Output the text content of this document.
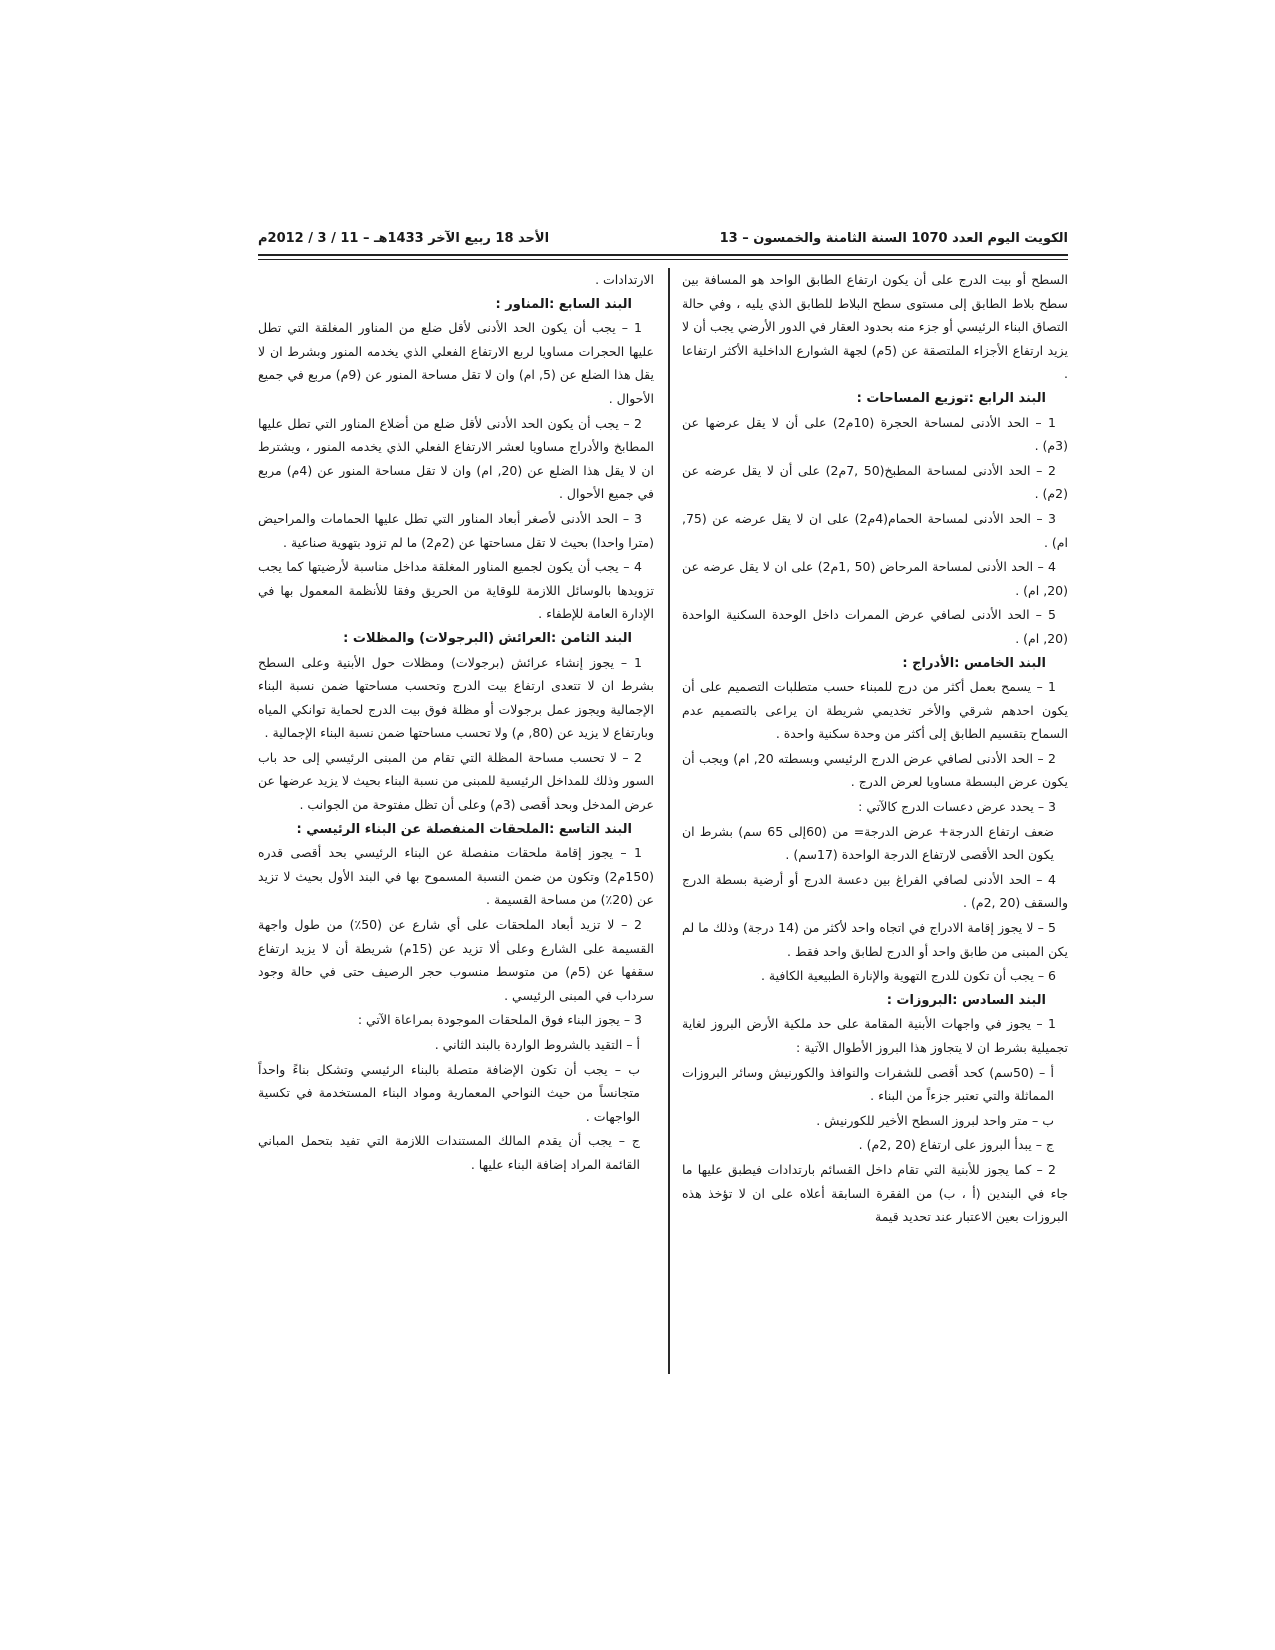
الكويت اليوم العدد 1070 السنة الثامنة والخمسون – 13
الأحد 18 ربيع الآخر 1433هـ – 11 / 3 / 2012م

السطح أو بيت الدرج على أن يكون ارتفاع الطابق الواحد هو المسافة بين سطح بلاط الطابق إلى مستوى سطح البلاط للطابق الذي يليه ، وفي حالة التصاق البناء الرئيسي أو جزء منه بحدود العقار في الدور الأرضي يجب أن لا يزيد ارتفاع الأجزاء الملتصقة عن (5م) لجهة الشوارع الداخلية الأكثر ارتفاعا .

البند الرابع :توزيع المساحات :

1 – الحد الأدنى لمساحة الحجرة (10م2) على أن لا يقل عرضها عن (3م) .

2 – الحد الأدنى لمساحة المطبخ(50 ,7م2) على أن لا يقل عرضه عن (2م) .

3 – الحد الأدنى لمساحة الحمام(4م2) على ان لا يقل عرضه عن (75, ام) .

4 – الحد الأدنى لمساحة المرحاض (50 ,1م2) على ان لا يقل عرضه عن (20, ام) .

5 – الحد الأدنى لصافي عرض الممرات داخل الوحدة السكنية الواحدة (20, ام) .

البند الخامس :الأدراج :

1 – يسمح بعمل أكثر من درج للمبناء حسب متطلبات التصميم على أن يكون احدهم شرقي والأخر تخديمي شريطة ان يراعى بالتصميم عدم السماح بتقسيم الطابق إلى أكثر من وحدة سكنية واحدة .

2 – الحد الأدنى لصافي عرض الدرج الرئيسي وبسطته 20, ام) ويجب أن يكون عرض البسطة مساويا لعرض الدرج .

3 – يحدد عرض دعسات الدرج كالآتي :

ضعف ارتفاع الدرجة+ عرض الدرجة= من (60إلى 65 سم) بشرط ان يكون الحد الأقصى لارتفاع الدرجة الواحدة (17سم) .

4 – الحد الأدنى لصافي الفراغ بين دعسة الدرج أو أرضية بسطة الدرج والسقف (20 ,2م) .

5 – لا يجوز إقامة الادراج في اتجاه واحد لأكثر من (14 درجة) وذلك ما لم يكن المبنى من طابق واحد أو الدرج لطابق واحد فقط .

6 – يجب أن تكون للدرج التهوية والإنارة الطبيعية الكافية .

البند السادس :البروزات :

1 – يجوز في واجهات الأبنية المقامة على حد ملكية الأرض البروز لغاية تجميلية بشرط ان لا يتجاوز هذا البروز الأطوال الآتية :

أ – (50سم) كحد أقصى للشفرات والنوافذ والكورنيش وسائر البروزات المماثلة والتي تعتبر جزءاً من البناء .

ب – متر واحد لبروز السطح الأخير للكورنيش .

ج – يبدأ البروز على ارتفاع (20 ,2م) .

2 – كما يجوز للأبنية التي تقام داخل القسائم بارتدادات فيطبق عليها ما جاء في البندين (أ ، ب) من الفقرة السابقة أعلاه على ان لا تؤخذ هذه البروزات بعين الاعتبار عند تحديد قيمة

الارتدادات .

البند السابع :المناور :

1 – يجب أن يكون الحد الأدنى لأقل ضلع من المناور المغلقة التي تطل عليها الحجرات مساويا لربع الارتفاع الفعلي الذي يخدمه المنور وبشرط ان لا يقل هذا الضلع عن (5, ام) وان لا تقل مساحة المنور عن (9م) مربع في جميع الأحوال .

2 – يجب أن يكون الحد الأدنى لأقل ضلع من أضلاع المناور التي تطل عليها المطابخ والأدراج مساويا لعشر الارتفاع الفعلي الذي يخدمه المنور ، ويشترط ان لا يقل هذا الضلع عن (20, ام) وان لا تقل مساحة المنور عن (4م) مربع في جميع الأحوال .

3 – الحد الأدنى لأصغر أبعاد المناور التي تطل عليها الحمامات والمراحيض (مترا واحدا) بحيث لا تقل مساحتها عن (2م2) ما لم تزود بتهوية صناعية .

4 – يجب أن يكون لجميع المناور المغلقة مداخل مناسبة لأرضيتها كما يجب تزويدها بالوسائل اللازمة للوقاية من الحريق وفقا للأنظمة المعمول بها في الإدارة العامة للإطفاء .

البند الثامن :العرائش (البرجولات) والمظلات :

1 – يجوز إنشاء عرائش (برجولات) ومظلات حول الأبنية وعلى السطح بشرط ان لا تتعدى ارتفاع بيت الدرج وتحسب مساحتها ضمن نسبة البناء الإجمالية ويجوز عمل برجولات أو مظلة فوق بيت الدرج لحماية توانكي المياه وبارتفاع لا يزيد عن (80, م) ولا تحسب مساحتها ضمن نسبة البناء الإجمالية .

2 – لا تحسب مساحة المظلة التي تقام من المبنى الرئيسي إلى حد باب السور وذلك للمداخل الرئيسية للمبنى من نسبة البناء بحيث لا يزيد عرضها عن عرض المدخل وبحد أقصى (3م) وعلى أن تظل مفتوحة من الجوانب .

البند التاسع :الملحقات المنفصلة عن البناء الرئيسي :

1 – يجوز إقامة ملحقات منفصلة عن البناء الرئيسي بحد أقصى قدره (150م2) وتكون من ضمن النسبة المسموح بها في البند الأول بحيث لا تزيد عن (20٪) من مساحة القسيمة .

2 – لا تزيد أبعاد الملحقات على أي شارع عن (50٪) من طول واجهة القسيمة على الشارع وعلى ألا تزيد عن (15م) شريطة أن لا يزيد ارتفاع سقفها عن (5م) من متوسط منسوب حجر الرصيف حتى في حالة وجود سرداب في المبنى الرئيسي .

3 – يجوز البناء فوق الملحقات الموجودة بمراعاة الآتي :

أ – التقيد بالشروط الواردة بالبند الثاني .

ب – يجب أن تكون الإضافة متصلة بالبناء الرئيسي وتشكل بناءً واحداً متجانساً من حيث النواحي المعمارية ومواد البناء المستخدمة في تكسية الواجهات .

ج – يجب أن يقدم المالك المستندات اللازمة التي تفيد بتحمل المباني القائمة المراد إضافة البناء عليها .
